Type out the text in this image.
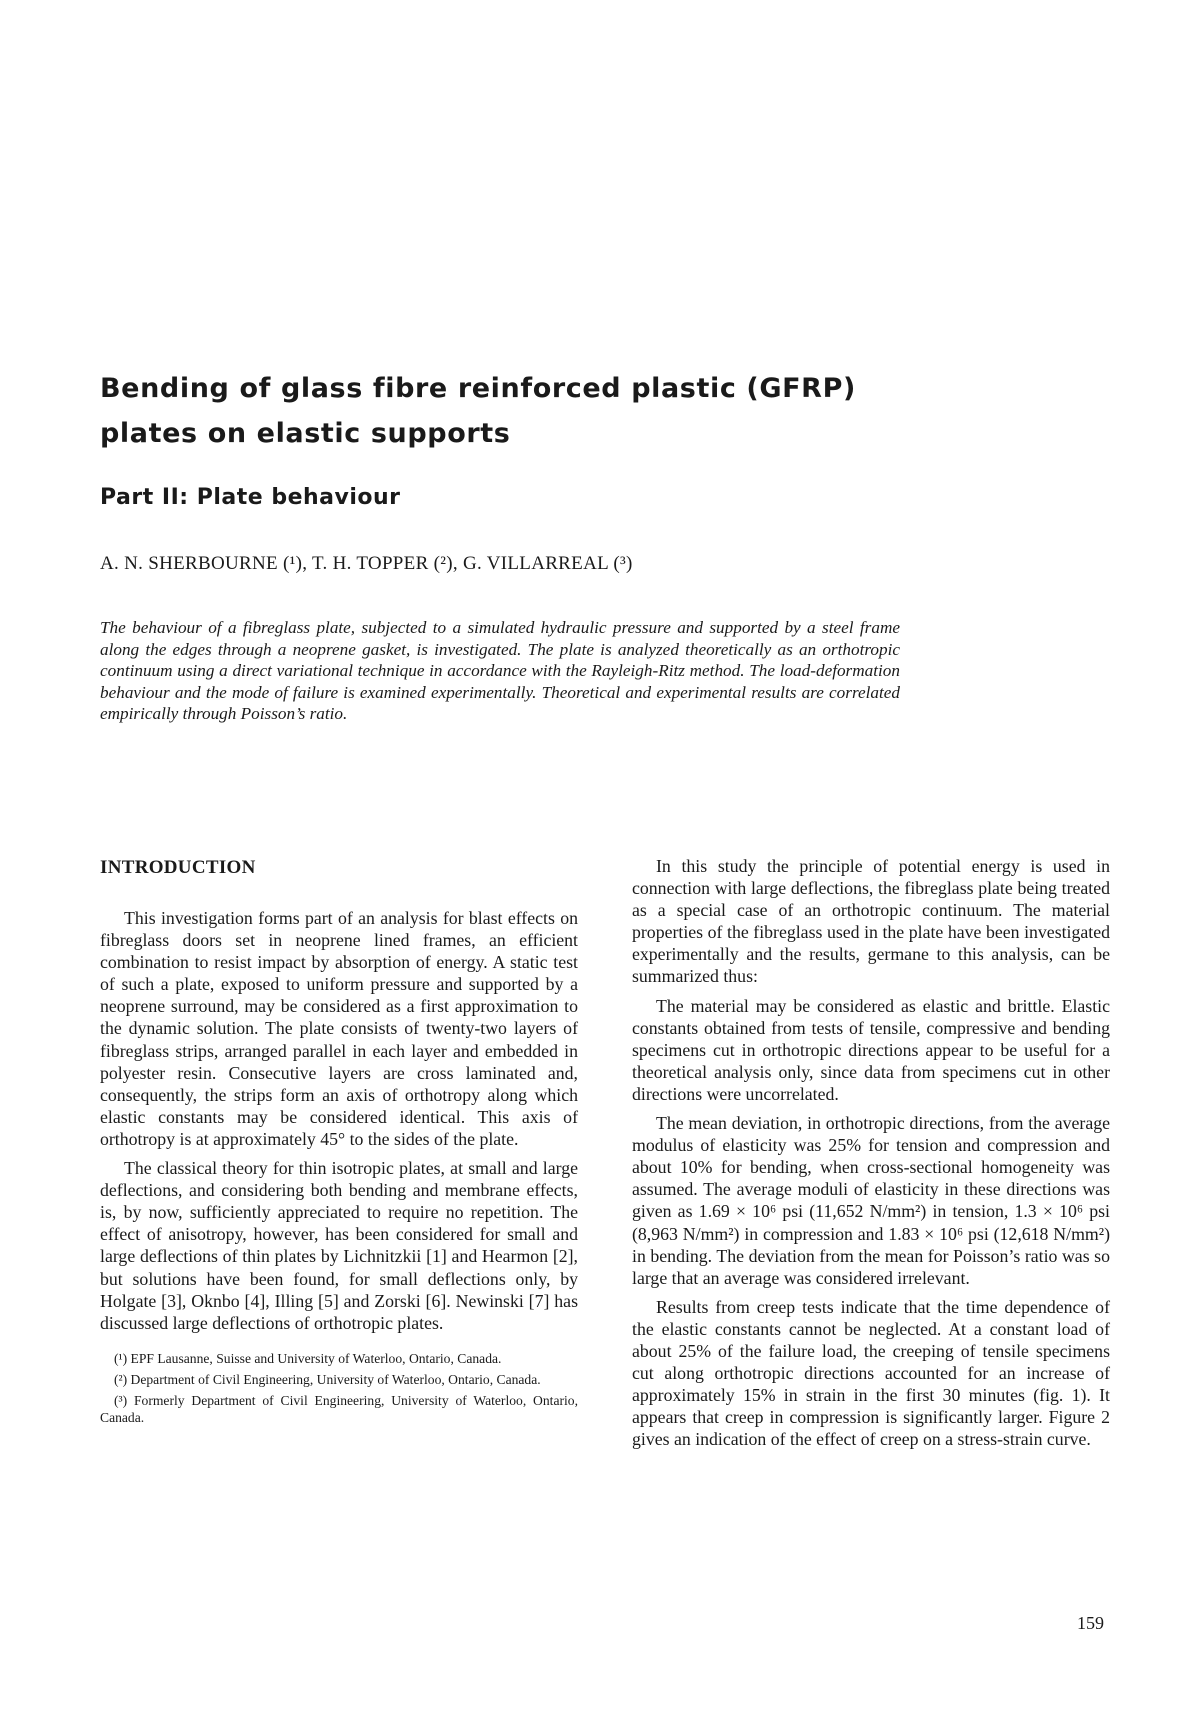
Bending of glass fibre reinforced plastic (GFRP)
plates on elastic supports
Part II: Plate behaviour
A. N. SHERBOURNE (¹), T. H. TOPPER (²), G. VILLARREAL (³)

The behaviour of a fibreglass plate, subjected to a simulated hydraulic pressure and supported by a steel frame along the edges through a neoprene gasket, is investigated. The plate is analyzed theoretically as an orthotropic continuum using a direct variational technique in accordance with the Rayleigh-Ritz method. The load-deformation behaviour and the mode of failure is examined experimentally. Theoretical and experimental results are correlated empirically through Poisson’s ratio.

INTRODUCTION

This investigation forms part of an analysis for blast effects on fibreglass doors set in neoprene lined frames, an efficient combination to resist impact by absorption of energy. A static test of such a plate, exposed to uniform pressure and supported by a neoprene surround, may be considered as a first approximation to the dynamic solution. The plate consists of twenty-two layers of fibreglass strips, arranged parallel in each layer and embedded in polyester resin. Consecutive layers are cross laminated and, consequently, the strips form an axis of orthotropy along which elastic constants may be considered identical. This axis of orthotropy is at approximately 45° to the sides of the plate.

The classical theory for thin isotropic plates, at small and large deflections, and considering both bending and membrane effects, is, by now, sufficiently appreciated to require no repetition. The effect of anisotropy, however, has been considered for small and large deflections of thin plates by Lichnitzkii [1] and Hearmon [2], but solutions have been found, for small deflections only, by Holgate [3], Oknbo [4], Illing [5] and Zorski [6]. Newinski [7] has discussed large deflections of orthotropic plates.

(¹) EPF Lausanne, Suisse and University of Waterloo, Ontario, Canada.

(²) Department of Civil Engineering, University of Waterloo, Ontario, Canada.

(³) Formerly Department of Civil Engineering, University of Waterloo, Ontario, Canada.

In this study the principle of potential energy is used in connection with large deflections, the fibreglass plate being treated as a special case of an orthotropic continuum. The material properties of the fibreglass used in the plate have been investigated experimentally and the results, germane to this analysis, can be summarized thus:

The material may be considered as elastic and brittle. Elastic constants obtained from tests of tensile, compressive and bending specimens cut in orthotropic directions appear to be useful for a theoretical analysis only, since data from specimens cut in other directions were uncorrelated.

The mean deviation, in orthotropic directions, from the average modulus of elasticity was 25% for tension and compression and about 10% for bending, when cross-sectional homogeneity was assumed. The average moduli of elasticity in these directions was given as 1.69 × 10⁶ psi (11,652 N/mm²) in tension, 1.3 × 10⁶ psi (8,963 N/mm²) in compression and 1.83 × 10⁶ psi (12,618 N/mm²) in bending. The deviation from the mean for Poisson’s ratio was so large that an average was considered irrelevant.

Results from creep tests indicate that the time dependence of the elastic constants cannot be neglected. At a constant load of about 25% of the failure load, the creeping of tensile specimens cut along orthotropic directions accounted for an increase of approximately 15% in strain in the first 30 minutes (fig. 1). It appears that creep in compression is significantly larger. Figure 2 gives an indication of the effect of creep on a stress-strain curve.

159
